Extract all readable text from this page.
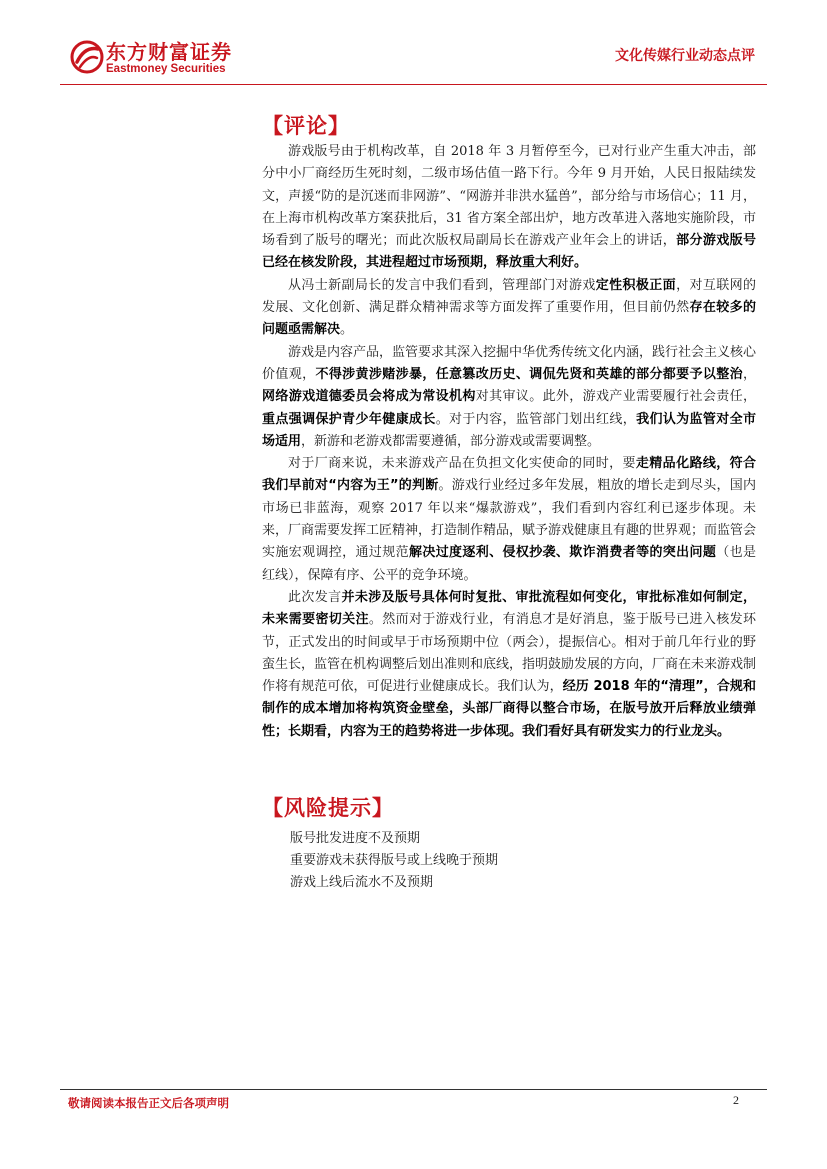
东方财富证券
Eastmoney Securities
文化传媒行业动态点评
【评论】

游戏版号由于机构改革，自 2018 年 3 月暂停至今，已对行业产生重大冲击，部分中小厂商经历生死时刻，二级市场估值一路下行。今年 9 月开始，人民日报陆续发文，声援“防的是沉迷而非网游”、“网游并非洪水猛兽”，部分给与市场信心；11 月，在上海市机构改革方案获批后，31 省方案全部出炉，地方改革进入落地实施阶段，市场看到了版号的曙光；而此次版权局副局长在游戏产业年会上的讲话，部分游戏版号已经在核发阶段，其进程超过市场预期，释放重大利好。

从冯士新副局长的发言中我们看到，管理部门对游戏定性积极正面，对互联网的发展、文化创新、满足群众精神需求等方面发挥了重要作用，但目前仍然存在较多的问题亟需解决。

游戏是内容产品，监管要求其深入挖掘中华优秀传统文化内涵，践行社会主义核心价值观，不得涉黄涉赌涉暴，任意篡改历史、调侃先贤和英雄的部分都要予以整治，网络游戏道德委员会将成为常设机构对其审议。此外，游戏产业需要履行社会责任，重点强调保护青少年健康成长。对于内容，监管部门划出红线，我们认为监管对全市场适用，新游和老游戏都需要遵循，部分游戏或需要调整。

对于厂商来说，未来游戏产品在负担文化实使命的同时，要走精品化路线，符合我们早前对“内容为王”的判断。游戏行业经过多年发展，粗放的增长走到尽头，国内市场已非蓝海，观察 2017 年以来“爆款游戏”，我们看到内容红利已逐步体现。未来，厂商需要发挥工匠精神，打造制作精品，赋予游戏健康且有趣的世界观；而监管会实施宏观调控，通过规范解决过度逐利、侵权抄袭、欺诈消费者等的突出问题（也是红线），保障有序、公平的竞争环境。

此次发言并未涉及版号具体何时复批、审批流程如何变化，审批标准如何制定，未来需要密切关注。然而对于游戏行业，有消息才是好消息，鉴于版号已进入核发环节，正式发出的时间或早于市场预期中位（两会），提振信心。相对于前几年行业的野蛮生长，监管在机构调整后划出准则和底线，指明鼓励发展的方向，厂商在未来游戏制作将有规范可依，可促进行业健康成长。我们认为，经历 2018 年的“清理”，合规和制作的成本增加将构筑资金壁垒，头部厂商得以整合市场，在版号放开后释放业绩弹性；长期看，内容为王的趋势将进一步体现。我们看好具有研发实力的行业龙头。

【风险提示】
版号批发进度不及预期
重要游戏未获得版号或上线晚于预期
游戏上线后流水不及预期
敬请阅读本报告正文后各项声明	2
